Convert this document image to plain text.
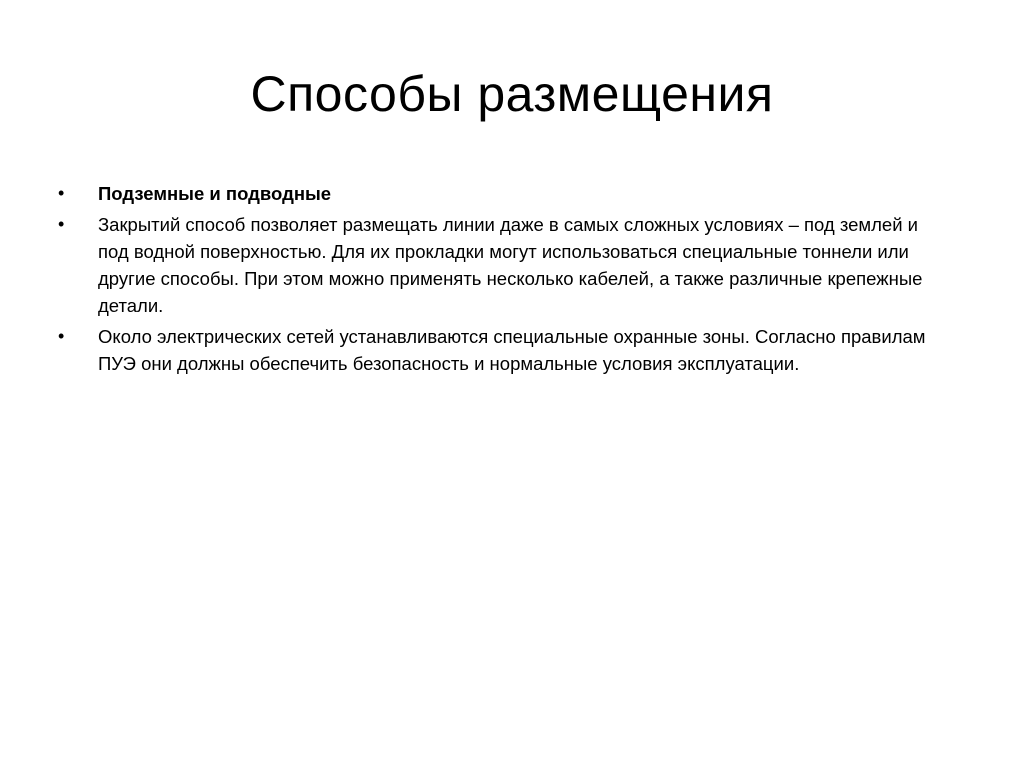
Способы размещения
•	Подземные и подводные
•	Закрытий способ позволяет размещать линии даже в самых сложных условиях – под землей и под водной поверхностью. Для их прокладки могут использоваться специальные тоннели или другие способы. При этом можно применять несколько кабелей, а также различные крепежные детали.
•	Около электрических сетей устанавливаются специальные охранные зоны. Согласно правилам ПУЭ они должны обеспечить безопасность и нормальные условия эксплуатации.
